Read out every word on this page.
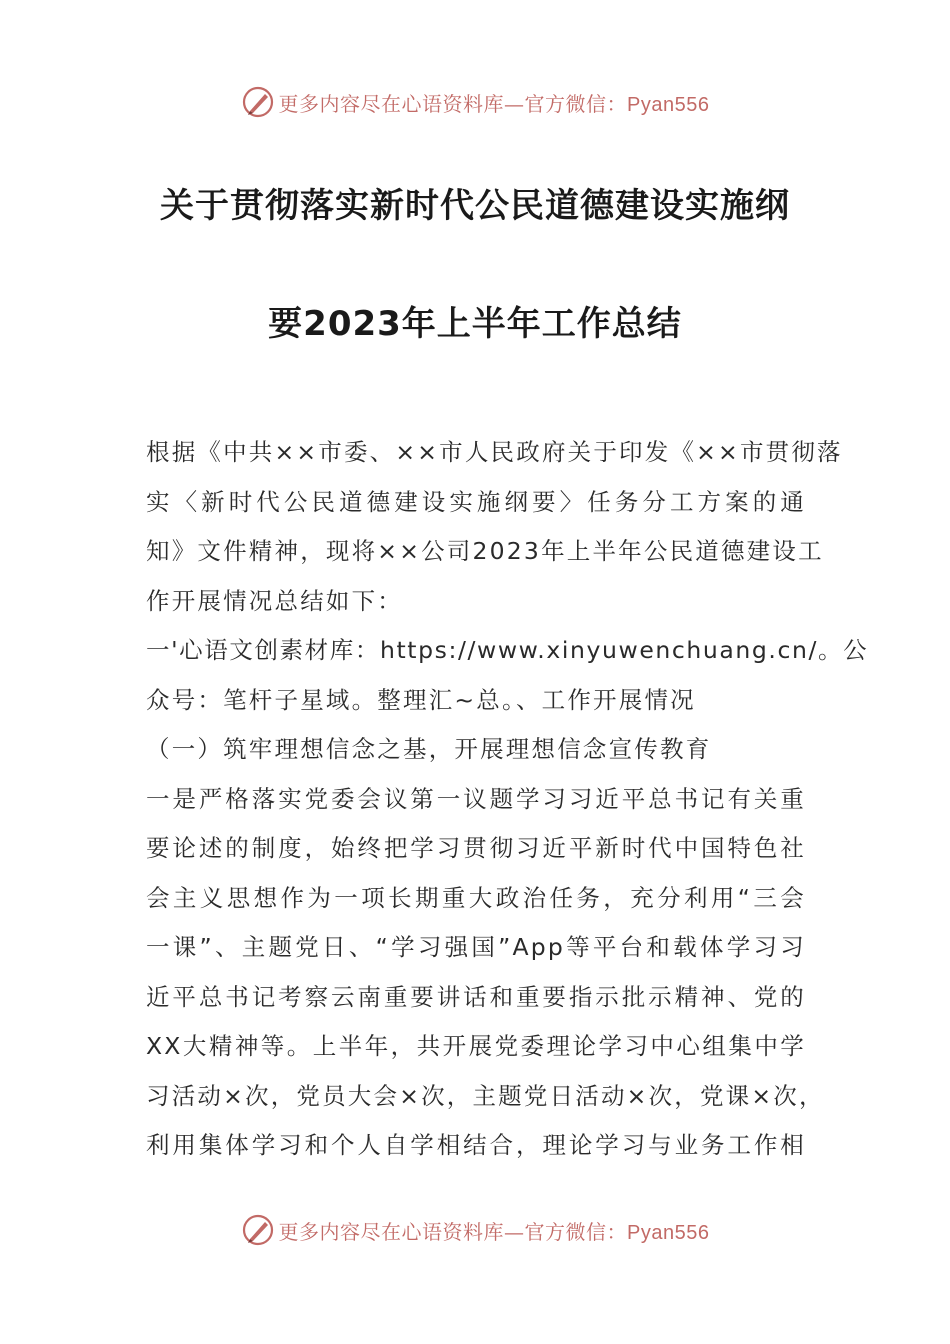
更多内容尽在心语资料库—官方微信：Pyan556
关于贯彻落实新时代公民道德建设实施纲
要2023年上半年工作总结
根据《中共××市委、××市人民政府关于印发《××市贯彻落
实〈新时代公民道德建设实施纲要〉任务分工方案的通
知》文件精神，现将××公司2023年上半年公民道德建设工
作开展情况总结如下：
一'心语文创素材库：https://www.xinyuwenchuang.cn/。公
众号：笔杆子星域。整理汇~总。、工作开展情况
（一）筑牢理想信念之基，开展理想信念宣传教育
一是严格落实党委会议第一议题学习习近平总书记有关重
要论述的制度，始终把学习贯彻习近平新时代中国特色社
会主义思想作为一项长期重大政治任务，充分利用“三会
一课”、主题党日、“学习强国”App等平台和载体学习习
近平总书记考察云南重要讲话和重要指示批示精神、党的
XX大精神等。上半年，共开展党委理论学习中心组集中学
习活动×次，党员大会×次，主题党日活动×次，党课×次，
利用集体学习和个人自学相结合，理论学习与业务工作相
更多内容尽在心语资料库—官方微信：Pyan556
